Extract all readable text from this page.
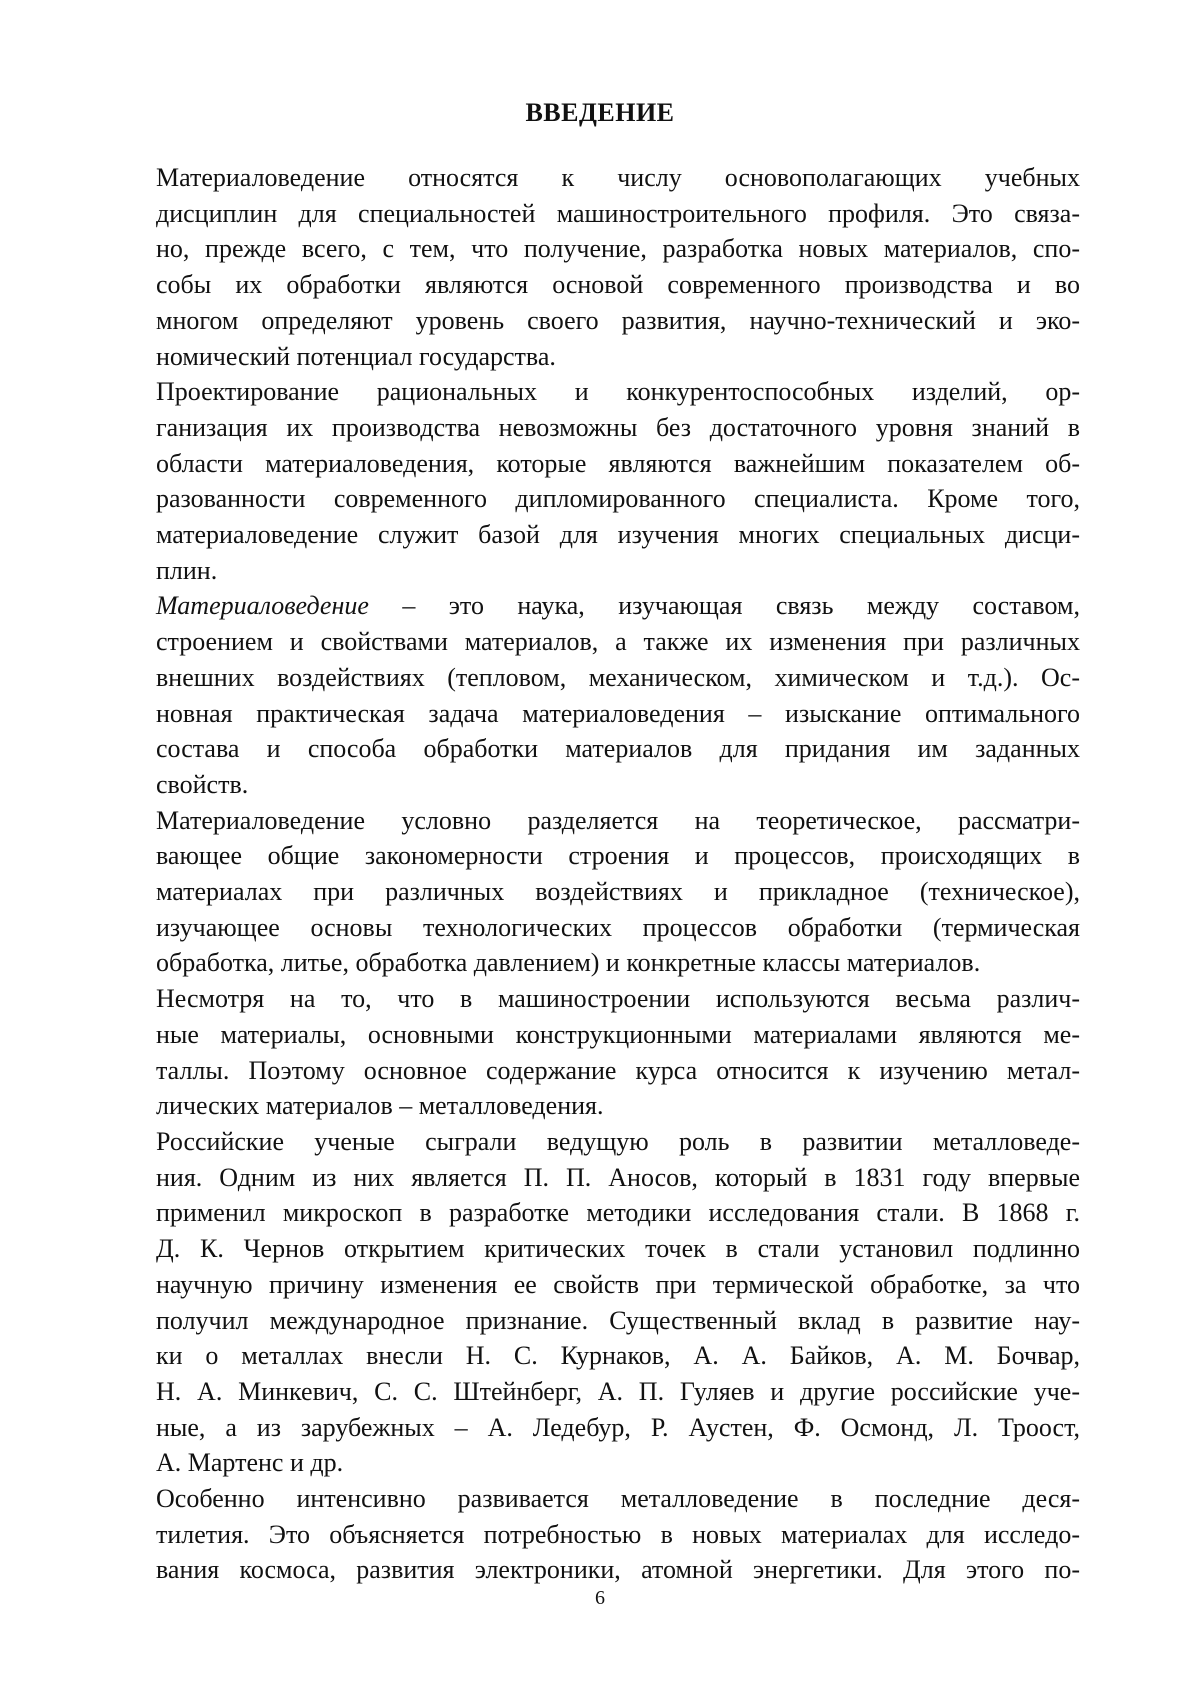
ВВЕДЕНИЕ

Материаловедение относятся к числу основополагающих учебных
дисциплин для специальностей машиностроительного профиля. Это связа-
но, прежде всего, с тем, что получение, разработка новых материалов, спо-
собы их обработки являются основой современного производства и во
многом определяют уровень своего развития, научно-технический и эко-
номический потенциал государства.

Проектирование рациональных и конкурентоспособных изделий, ор-
ганизация их производства невозможны без достаточного уровня знаний в
области материаловедения, которые являются важнейшим показателем об-
разованности современного дипломированного специалиста. Кроме того,
материаловедение служит базой для изучения многих специальных дисци-
плин.

Материаловедение – это наука, изучающая связь между составом,
строением и свойствами материалов, а также их изменения при различных
внешних воздействиях (тепловом, механическом, химическом и т.д.). Ос-
новная практическая задача материаловедения – изыскание оптимального
состава и способа обработки материалов для придания им заданных
свойств.

Материаловедение условно разделяется на теоретическое, рассматри-
вающее общие закономерности строения и процессов, происходящих в
материалах при различных воздействиях и прикладное (техническое),
изучающее основы технологических процессов обработки (термическая
обработка, литье, обработка давлением) и конкретные классы материалов.

Несмотря на то, что в машиностроении используются весьма различ-
ные материалы, основными конструкционными материалами являются ме-
таллы. Поэтому основное содержание курса относится к изучению метал-
лических материалов – металловедения.

Российские ученые сыграли ведущую роль в развитии металловеде-
ния. Одним из них является П. П. Аносов, который в 1831 году впервые
применил микроскоп в разработке методики исследования стали. В 1868 г.
Д. К. Чернов открытием критических точек в стали установил подлинно
научную причину изменения ее свойств при термической обработке, за что
получил международное признание. Существенный вклад в развитие нау-
ки о металлах внесли Н. С. Курнаков, А. А. Байков, А. М. Бочвар,
Н. А. Минкевич, С. С. Штейнберг, А. П. Гуляев и другие российские уче-
ные, а из зарубежных – А. Ледебур, Р. Аустен, Ф. Осмонд, Л. Троост,
А. Мартенс и др.

Особенно интенсивно развивается металловедение в последние деся-
тилетия. Это объясняется потребностью в новых материалах для исследо-
вания космоса, развития электроники, атомной энергетики. Для этого по-

6
